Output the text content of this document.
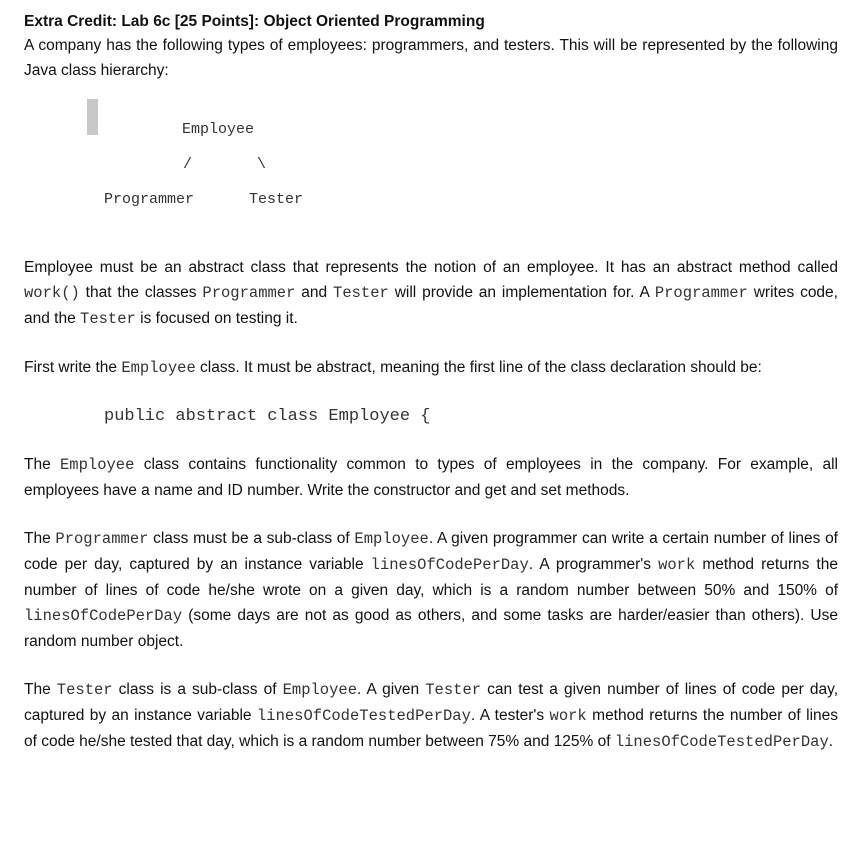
Extra Credit: Lab 6c [25 Points]: Object Oriented Programming

A company has the following types of employees: programmers, and testers. This will be represented by the following Java class hierarchy:

Employee
/	\
Programmer	Tester

Employee must be an abstract class that represents the notion of an employee. It has an abstract method called work() that the classes Programmer and Tester will provide an implementation for. A Programmer writes code, and the Tester is focused on testing it.

First write the Employee class. It must be abstract, meaning the first line of the class declaration should be:

public abstract class Employee {

The Employee class contains functionality common to types of employees in the company. For example, all employees have a name and ID number. Write the constructor and get and set methods.

The Programmer class must be a sub-class of Employee. A given programmer can write a certain number of lines of code per day, captured by an instance variable linesOfCodePerDay. A programmer's work method returns the number of lines of code he/she wrote on a given day, which is a random number between 50% and 150% of linesOfCodePerDay (some days are not as good as others, and some tasks are harder/easier than others). Use random number object.

The Tester class is a sub-class of Employee. A given Tester can test a given number of lines of code per day, captured by an instance variable linesOfCodeTestedPerDay. A tester's work method returns the number of lines of code he/she tested that day, which is a random number between 75% and 125% of linesOfCodeTestedPerDay.
